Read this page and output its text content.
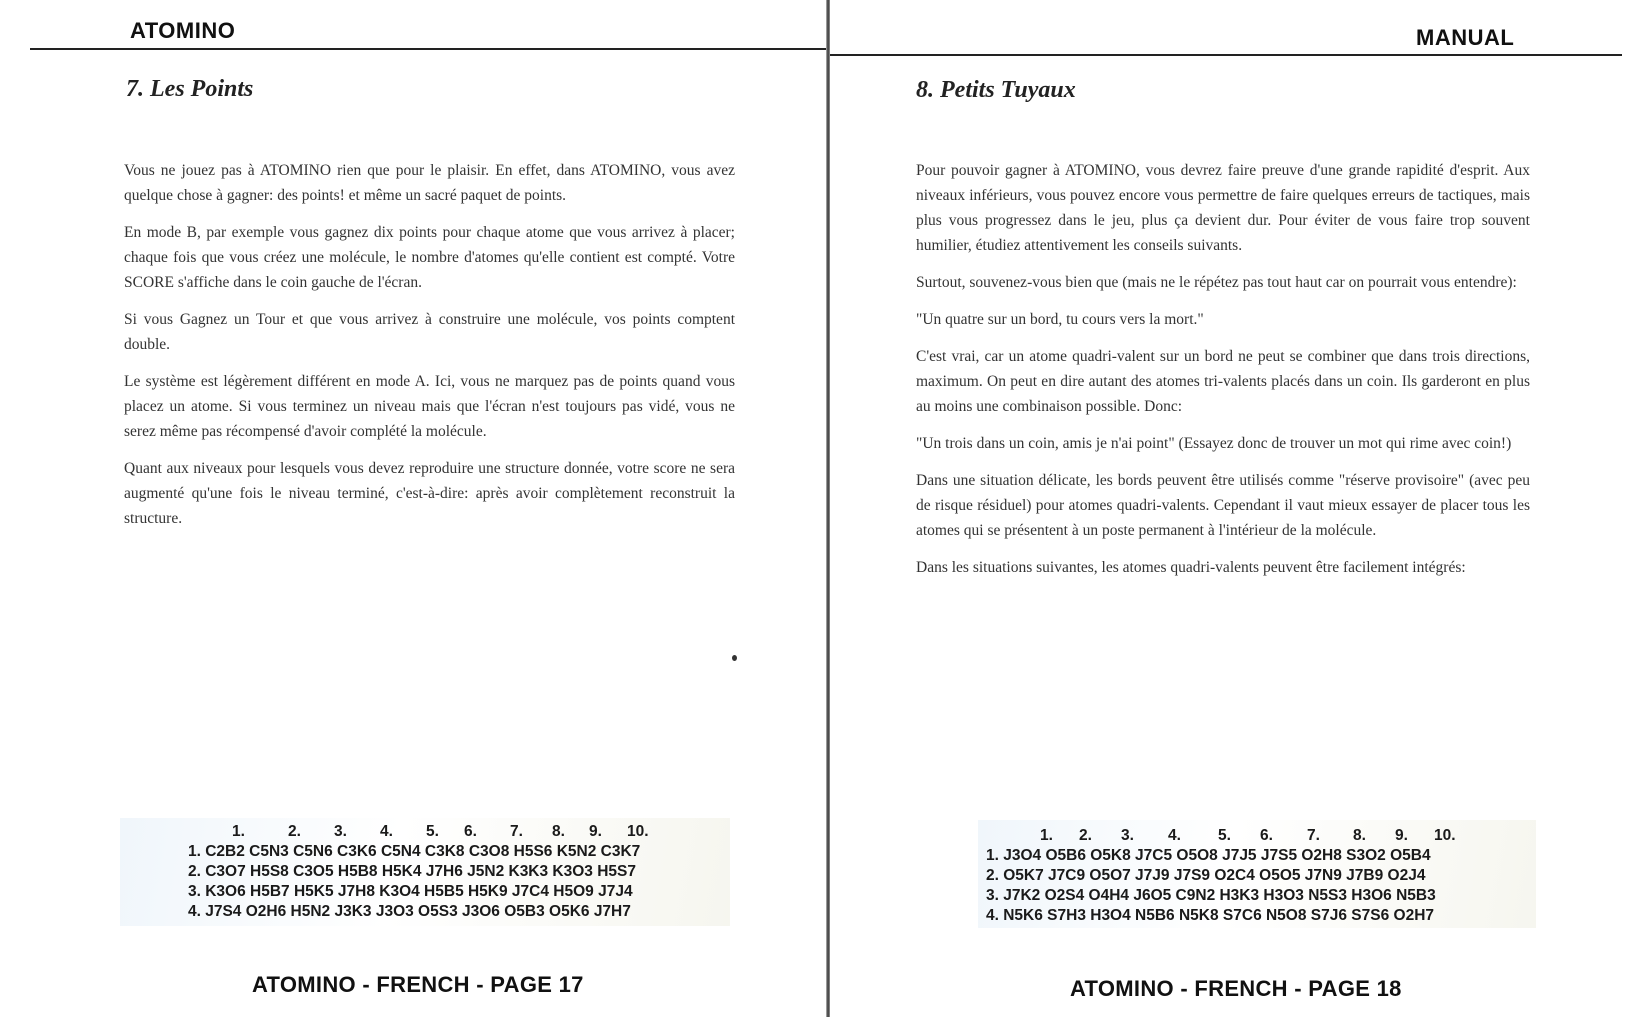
ATOMINO
7. Les Points

Vous ne jouez pas à ATOMINO rien que pour le plaisir. En effet, dans ATOMINO, vous avez quelque chose à gagner: des points! et même un sacré paquet de points.

En mode B, par exemple vous gagnez dix points pour chaque atome que vous arrivez à placer; chaque fois que vous créez une molécule, le nombre d'atomes qu'elle contient est compté. Votre SCORE s'affiche dans le coin gauche de l'écran.

Si vous Gagnez un Tour et que vous arrivez à construire une molécule, vos points comptent double.

Le système est légèrement différent en mode A. Ici, vous ne marquez pas de points quand vous placez un atome. Si vous terminez un niveau mais que l'écran n'est toujours pas vidé, vous ne serez même pas récompensé d'avoir complété la molécule.

Quant aux niveaux pour lesquels vous devez reproduire une structure donnée, votre score ne sera augmenté qu'une fois le niveau terminé, c'est-à-dire: après avoir complètement reconstruit la structure.

1.	2. 3. 4. 5. 6. 7. 8. 9. 10.
1. C2B2 C5N3 C5N6 C3K6 C5N4 C3K8 C3O8 H5S6 K5N2 C3K7
2. C3O7 H5S8 C3O5 H5B8 H5K4 J7H6 J5N2 K3K3 K3O3 H5S7
3. K3O6 H5B7 H5K5 J7H8 K3O4 H5B5 H5K9 J7C4 H5O9 J7J4
4. J7S4 O2H6 H5N2 J3K3 J3O3 O5S3 J3O6 O5B3 O5K6 J7H7
ATOMINO - FRENCH - PAGE 17
MANUAL
8. Petits Tuyaux

Pour pouvoir gagner à ATOMINO, vous devrez faire preuve d'une grande rapidité d'esprit. Aux niveaux inférieurs, vous pouvez encore vous permettre de faire quelques erreurs de tactiques, mais plus vous progressez dans le jeu, plus ça devient dur. Pour éviter de vous faire trop souvent humilier, étudiez attentivement les conseils suivants.

Surtout, souvenez-vous bien que (mais ne le répétez pas tout haut car on pourrait vous entendre):

"Un quatre sur un bord, tu cours vers la mort."

C'est vrai, car un atome quadri-valent sur un bord ne peut se combiner que dans trois directions, maximum. On peut en dire autant des atomes tri-valents placés dans un coin. Ils garderont en plus au moins une combinaison possible. Donc:

"Un trois dans un coin, amis je n'ai point" (Essayez donc de trouver un mot qui rime avec coin!)

Dans une situation délicate, les bords peuvent être utilisés comme "réserve provisoire" (avec peu de risque résiduel) pour atomes quadri-valents. Cependant il vaut mieux essayer de placer tous les atomes qui se présentent à un poste permanent à l'intérieur de la molécule.

Dans les situations suivantes, les atomes quadri-valents peuvent être facilement intégrés:

1. 2. 3. 4. 5. 6. 7. 8. 9. 10.
1. J3O4 O5B6 O5K8 J7C5 O5O8 J7J5 J7S5 O2H8 S3O2 O5B4
2. O5K7 J7C9 O5O7 J7J9 J7S9 O2C4 O5O5 J7N9 J7B9 O2J4
3. J7K2 O2S4 O4H4 J6O5 C9N2 H3K3 H3O3 N5S3 H3O6 N5B3
4. N5K6 S7H3 H3O4 N5B6 N5K8 S7C6 N5O8 S7J6 S7S6 O2H7
ATOMINO - FRENCH - PAGE 18
